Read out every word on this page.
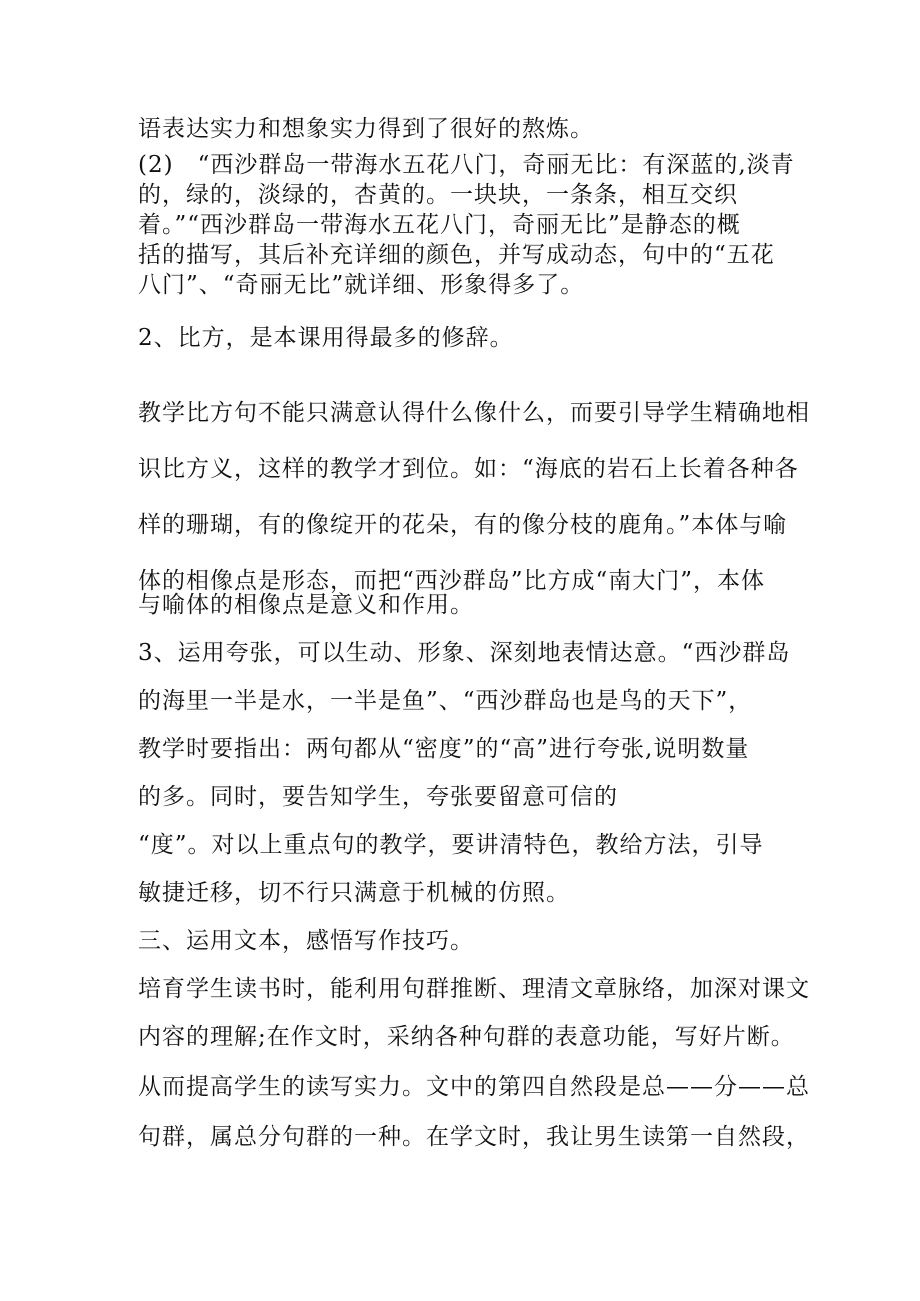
语表达实力和想象实力得到了很好的熬炼。

(2)　“西沙群岛一带海水五花八门，奇丽无比：有深蓝的,淡青

的，绿的，淡绿的，杏黄的。一块块，一条条，相互交织

着。”“西沙群岛一带海水五花八门，奇丽无比”是静态的概

括的描写，其后补充详细的颜色，并写成动态，句中的“五花

八门”、“奇丽无比”就详细、形象得多了。

2、比方，是本课用得最多的修辞。

教学比方句不能只满意认得什么像什么，而要引导学生精确地相

识比方义，这样的教学才到位。如：“海底的岩石上长着各种各

样的珊瑚，有的像绽开的花朵，有的像分枝的鹿角。”本体与喻

体的相像点是形态，而把“西沙群岛”比方成“南大门”，本体

与喻体的相像点是意义和作用。

3、运用夸张，可以生动、形象、深刻地表情达意。“西沙群岛

的海里一半是水，一半是鱼”、“西沙群岛也是鸟的天下”，

教学时要指出：两句都从“密度”的“高”进行夸张,说明数量

的多。同时，要告知学生，夸张要留意可信的

“度”。对以上重点句的教学，要讲清特色，教给方法，引导

敏捷迁移，切不行只满意于机械的仿照。

三、运用文本，感悟写作技巧。

培育学生读书时，能利用句群推断、理清文章脉络，加深对课文

内容的理解;在作文时，采纳各种句群的表意功能，写好片断。

从而提高学生的读写实力。文中的第四自然段是总——分——总

句群，属总分句群的一种。在学文时，我让男生读第一自然段，
